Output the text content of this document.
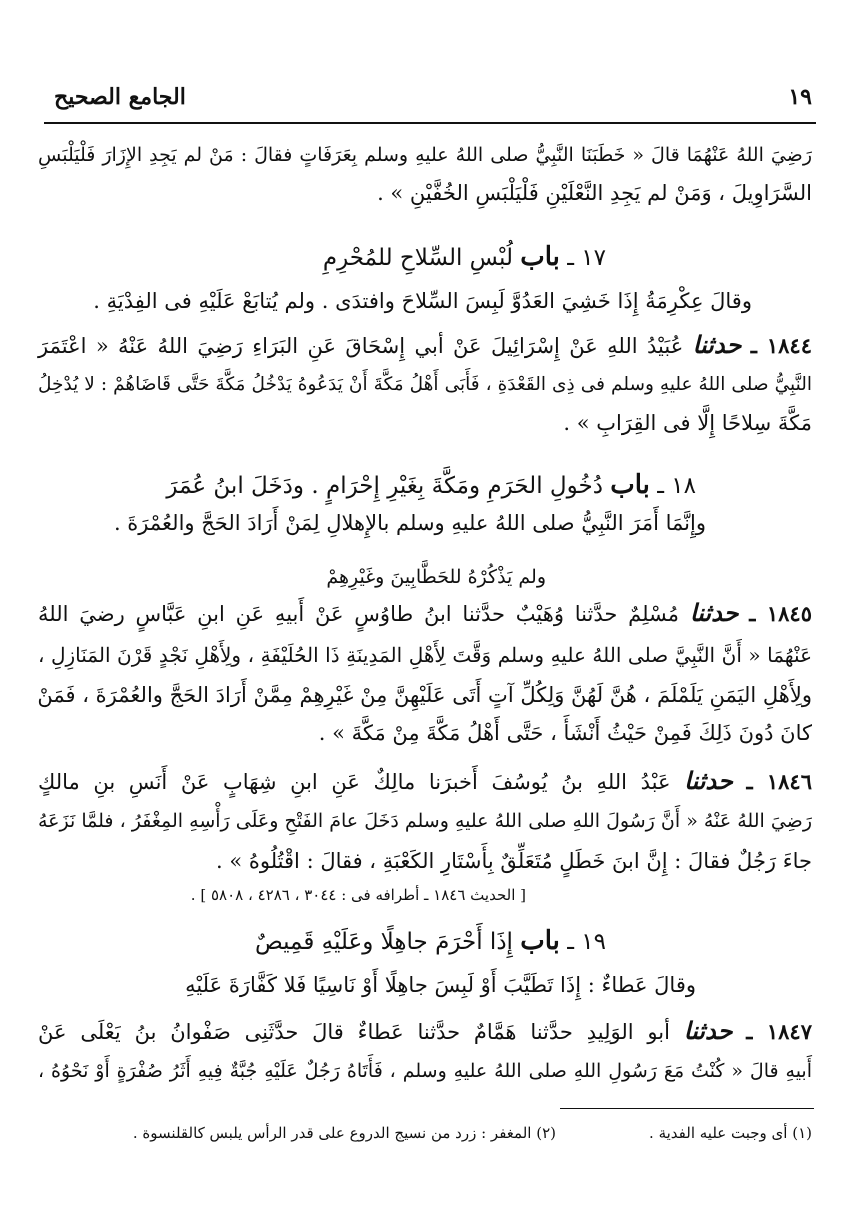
١٩
الجامع الصحيح
رَضِيَ اللهُ عَنْهُمَا قالَ « خَطَبَنَا النَّبِيُّ صلى اللهُ عليهِ وسلم بِعَرَفَاتٍ فقالَ : مَنْ لم يَجِدِ الإِزَارَ فَلْيَلْبَسِ
السَّرَاوِيلَ ، وَمَنْ لم يَجِدِ النَّعْلَيْنِ فَلْيَلْبَسِ الخُفَّيْنِ » .
١٧ ـ باب لُبْسِ السِّلاحِ للمُحْرِمِ
وقالَ عِكْرِمَةُ إِذَا خَشِيَ العَدُوَّ لَبِسَ السِّلاحَ وافتدَى . ولم يُتابَعْ عَلَيْهِ فى الفِدْيَةِ .
١٨٤٤ ـ حدثنا عُبَيْدُ اللهِ عَنْ إِسْرَائِيلَ عَنْ أبي إِسْحَاقَ عَنِ البَرَاءِ رَضِيَ اللهُ عَنْهُ « اعْتَمَرَ
النَّبِيُّ صلى اللهُ عليهِ وسلم فى ذِى القَعْدَةِ ، فَأَبَى أَهْلُ مَكَّةَ أَنْ يَدَعُوهُ يَدْخُلُ مَكَّةَ حَتَّى قَاضَاهُمْ : لا يُدْخِلُ
مَكَّةَ سِلاحًا إِلَّا فى القِرَابِ » .
١٨ ـ باب دُخُولِ الحَرَمِ ومَكَّةَ بِغَيْرِ إِحْرَامٍ . ودَخَلَ ابنُ عُمَرَ
وإِنَّمَا أَمَرَ النَّبِيُّ صلى اللهُ عليهِ وسلم بالإِهلالِ لِمَنْ أَرَادَ الحَجَّ والعُمْرَةَ .
ولم يَذْكُرْهُ للحَطَّابِينَ وغَيْرِهِمْ
١٨٤٥ ـ حدثنا مُسْلِمٌ حدَّثنا وُهَيْبٌ حدَّثنا ابنُ طاوُسٍ عَنْ أَبيهِ عَنِ ابنِ عَبَّاسٍ رضيَ اللهُ
عَنْهُمَا « أَنَّ النَّبِيَّ صلى اللهُ عليهِ وسلم وَقَّتَ لِأَهْلِ المَدِينَةِ ذَا الحُلَيْفَةِ ، ولِأَهْلِ نَجْدٍ قَرْنَ المَنَازِلِ ،
ولِأَهْلِ اليَمَنِ يَلَمْلَمَ ، هُنَّ لَهُنَّ وَلِكُلِّ آتٍ أَتَى عَلَيْهِنَّ مِنْ غَيْرِهِمْ مِمَّنْ أَرَادَ الحَجَّ والعُمْرَةَ ، فَمَنْ
كانَ دُونَ ذَلِكَ فَمِنْ حَيْثُ أَنْشَأَ ، حَتَّى أَهْلُ مَكَّةَ مِنْ مَكَّةَ » .
١٨٤٦ ـ حدثنا عَبْدُ اللهِ بنُ يُوسُفَ أَخبرَنا مالِكٌ عَنِ ابنِ شِهَابٍ عَنْ أَنَسِ بنِ مالكٍ
رَضِيَ اللهُ عَنْهُ « أَنَّ رَسُولَ اللهِ صلى اللهُ عليهِ وسلم دَخَلَ عامَ الفَتْحِ وعَلَى رَأْسِهِ المِغْفَرُ ، فلمَّا نَزَعَهُ
جاءَ رَجُلٌ فقالَ : إِنَّ ابنَ خَطَلٍ مُتَعَلِّقٌ بِأَسْتَارِ الكَعْبَةِ ، فقالَ : اقْتُلُوهُ » .
[ الحديث ١٨٤٦ ـ أطرافه فى : ٣٠٤٤ ، ٤٢٨٦ ، ٥٨٠٨ ] .
١٩ ـ باب إِذَا أَحْرَمَ جاهِلًا وعَلَيْهِ قَمِيصٌ
وقالَ عَطاءٌ : إِذَا تَطَيَّبَ أَوْ لَبِسَ جاهِلًا أَوْ نَاسِيًا فَلا كَفَّارَةَ عَلَيْهِ
١٨٤٧ ـ حدثنا أبو الوَلِيدِ حدَّثنا هَمَّامٌ حدَّثنا عَطاءٌ قالَ حدَّثَنِى صَفْوانُ بنُ يَعْلَى عَنْ
أَبيهِ قالَ « كُنْتُ مَعَ رَسُولِ اللهِ صلى اللهُ عليهِ وسلم ، فَأَتَاهُ رَجُلٌ عَلَيْهِ جُبَّةٌ فِيهِ أَثَرُ صُفْرَةٍ أَوْ نَحْوُهُ ،
(١) أى وجبت عليه الفدية .
(٢) المغفر : زرد من نسيج الدروع على قدر الرأس يلبس كالقلنسوة .
